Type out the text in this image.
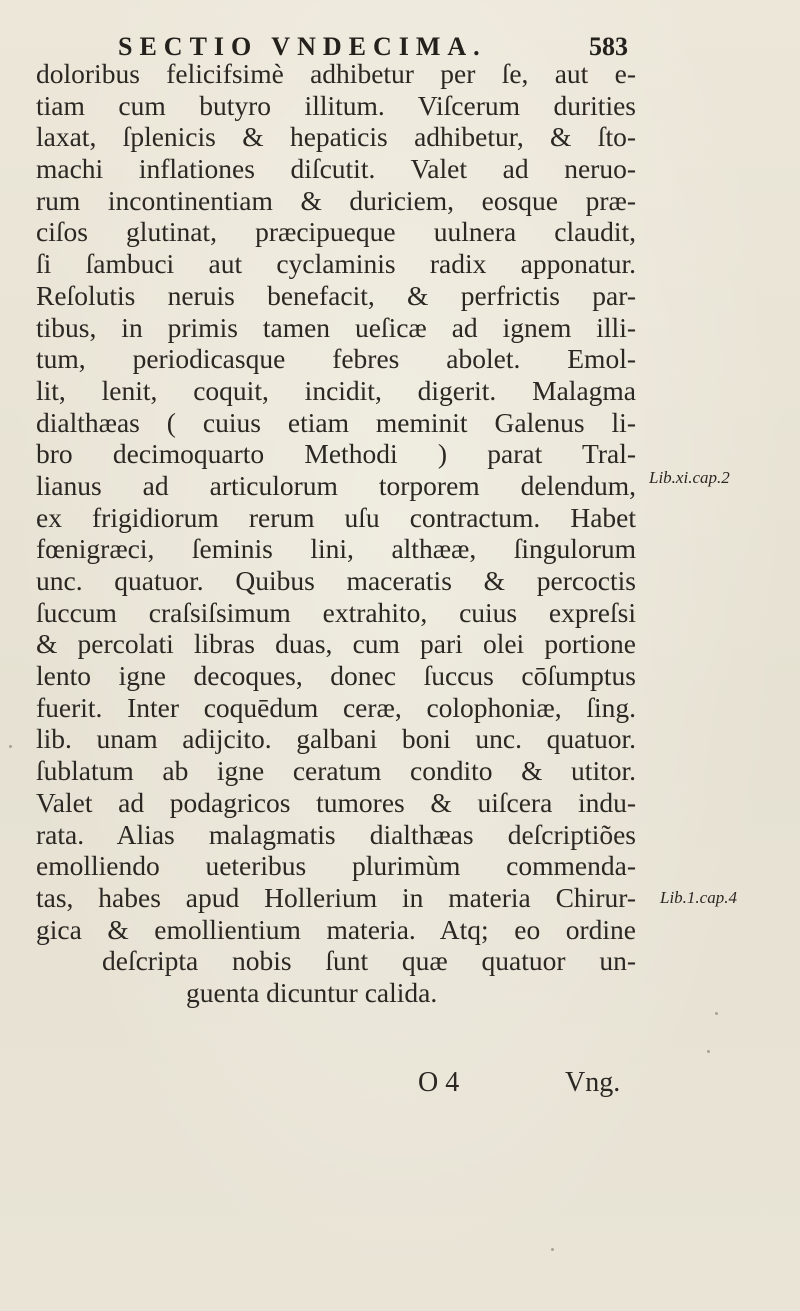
SECTIO VNDECIMA.	583
doloribus felicifsimè adhibetur per ſe, aut e-
tiam cum butyro illitum. Viſcerum durities
laxat, ſplenicis & hepaticis adhibetur, & ſto-
machi inflationes diſcutit. Valet ad neruo-
rum incontinentiam & duriciem, eosque præ-
ciſos glutinat, præcipueque uulnera claudit,
ſi ſambuci aut cyclaminis radix apponatur.
Reſolutis neruis benefacit, & perfrictis par-
tibus, in primis tamen ueſicæ ad ignem illi-
tum, periodicasque febres abolet. Emol-
lit, lenit, coquit, incidit, digerit. Malagma
dialthæas ( cuius etiam meminit Galenus li-
bro decimoquarto Methodi ) parat Tral-
lianus ad articulorum torporem delendum,
ex frigidiorum rerum uſu contractum. Habet
fœnigræci, ſeminis lini, althææ, ſingulorum
unc. quatuor. Quibus maceratis & percoctis
ſuccum craſsiſsimum extrahito, cuius expreſsi
& percolati libras duas, cum pari olei portione
lento igne decoques, donec ſuccus cōſumptus
fuerit. Inter coquēdum ceræ, colophoniæ, ſing.
lib. unam adijcito. galbani boni unc. quatuor.
ſublatum ab igne ceratum condito & utitor.
Valet ad podagricos tumores & uiſcera indu-
rata. Alias malagmatis dialthæas deſcriptiões
emolliendo ueteribus plurimùm commenda-
tas, habes apud Hollerium in materia Chirur-
gica & emollientium materia. Atq; eo ordine
deſcripta nobis ſunt quæ quatuor un-
guenta dicuntur calida.
O 4	Vng.
Lib.xi.cap.2
Lib.1.cap.4
